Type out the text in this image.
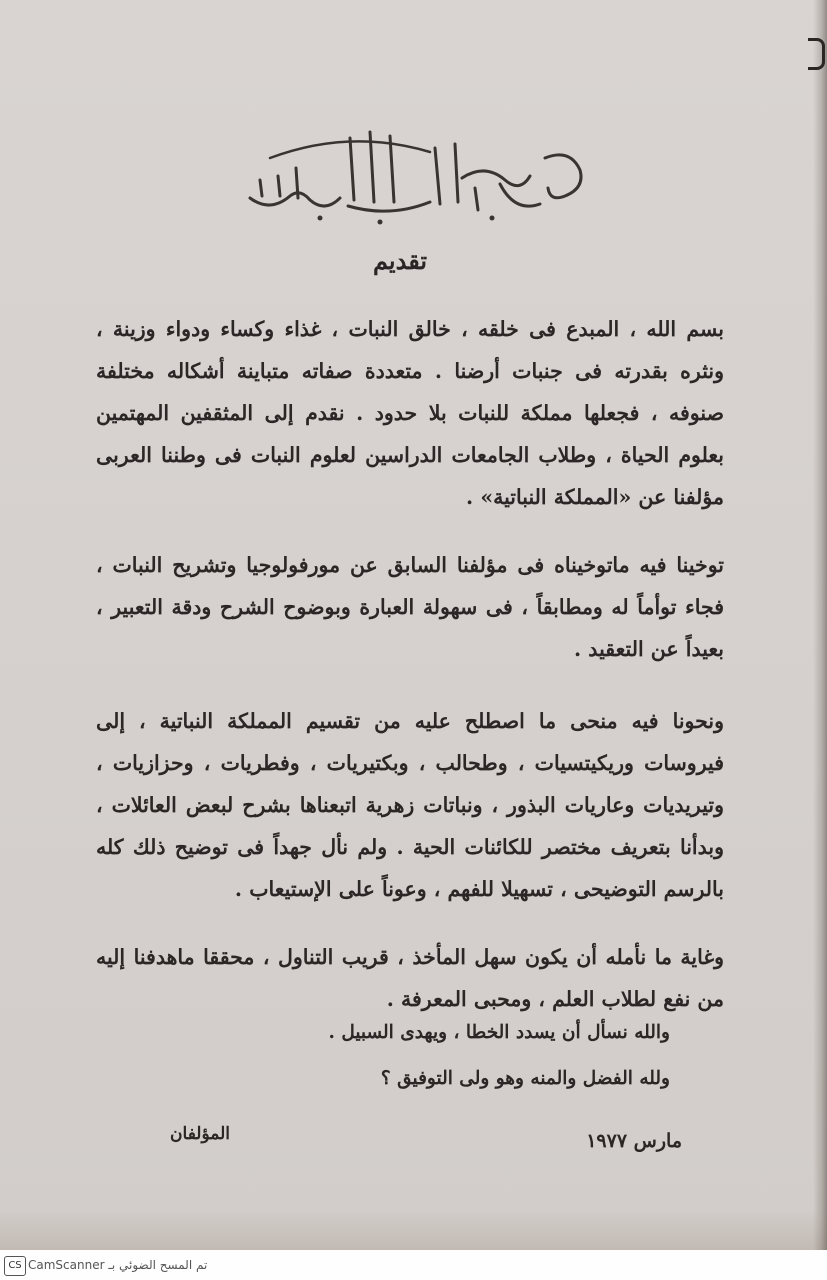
تقديم

بسم الله ، المبدع فى خلقه ، خالق النبات ، غذاء وكساء ودواء وزينة ، ونثره بقدرته فى جنبات أرضنا . متعددة صفاته متباينة أشكاله مختلفة صنوفه ، فجعلها مملكة للنبات بلا حدود . نقدم إلى المثقفين المهتمين بعلوم الحياة ، وطلاب الجامعات الدراسين لعلوم النبات فى وطننا العربى مؤلفنا عن «المملكة النباتية» .

توخينا فيه ماتوخيناه فى مؤلفنا السابق عن مورفولوجيا وتشريح النبات ، فجاء توأماً له ومطابقاً ، فى سهولة العبارة وبوضوح الشرح ودقة التعبير ، بعيداً عن التعقيد .

ونحونا فيه منحى ما اصطلح عليه من تقسيم المملكة النباتية ، إلى فيروسات وريكيتسيات ، وطحالب ، وبكتيريات ، وفطريات ، وحزازيات ، وتيريديات وعاريات البذور ، ونباتات زهرية اتبعناها بشرح لبعض العائلات ، وبدأنا بتعريف مختصر للكائنات الحية . ولم نأل جهداً فى توضيح ذلك كله بالرسم التوضيحى ، تسهيلا للفهم ، وعوناً على الإستيعاب .

وغاية ما نأمله أن يكون سهل المأخذ ، قريب التناول ، محققا ماهدفنا إليه من نفع لطلاب العلم ، ومحبى المعرفة .

والله نسأل أن يسدد الخطا ، ويهدى السبيل .
ولله الفضل والمنه وهو ولى التوفيق ؟
مارس ١٩٧٧
المؤلفان
CS تم المسح الضوئي بـ CamScanner
